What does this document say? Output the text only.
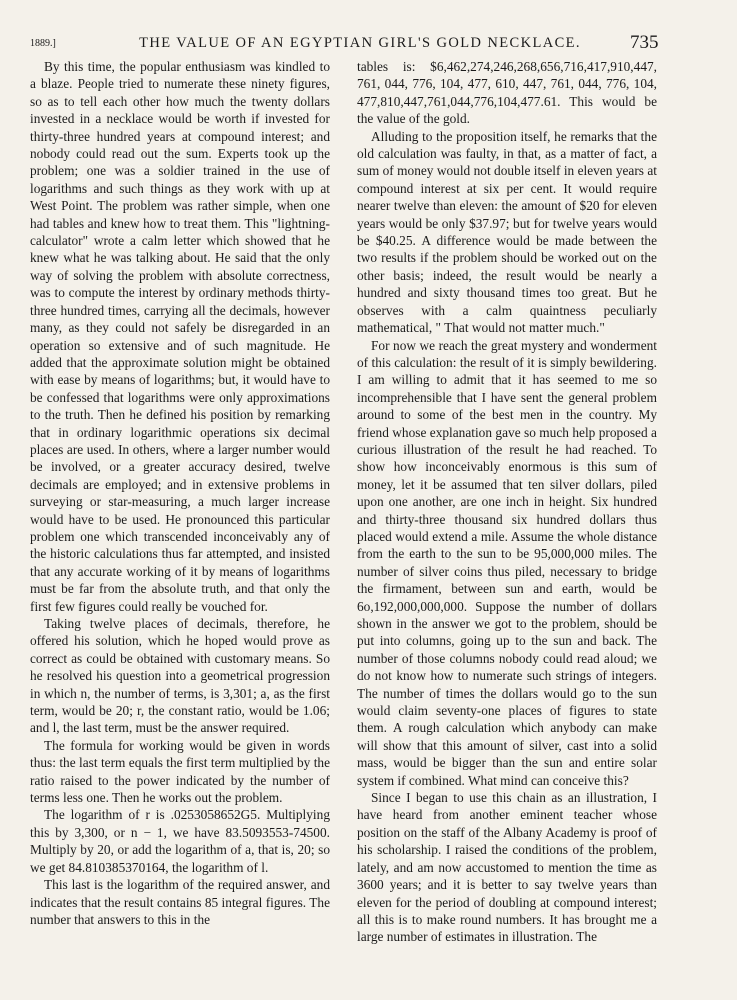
1889.]	THE VALUE OF AN EGYPTIAN GIRL'S GOLD NECKLACE.	735

By this time, the popular enthusiasm was kindled to a blaze. People tried to numerate these ninety figures, so as to tell each other how much the twenty dollars invested in a necklace would be worth if invested for thirty-three hundred years at compound interest; and nobody could read out the sum. Experts took up the problem; one was a soldier trained in the use of logarithms and such things as they work with up at West Point. The problem was rather simple, when one had tables and knew how to treat them. This "lightning-calculator" wrote a calm letter which showed that he knew what he was talking about. He said that the only way of solving the problem with absolute correctness, was to compute the interest by ordinary methods thirty-three hundred times, carrying all the decimals, however many, as they could not safely be disregarded in an operation so extensive and of such magnitude. He added that the approximate solution might be obtained with ease by means of logarithms; but, it would have to be confessed that logarithms were only approximations to the truth. Then he defined his position by remarking that in ordinary logarithmic operations six decimal places are used. In others, where a larger number would be involved, or a greater accuracy desired, twelve decimals are employed; and in extensive problems in surveying or star-measuring, a much larger increase would have to be used. He pronounced this particular problem one which transcended inconceivably any of the historic calculations thus far attempted, and insisted that any accurate working of it by means of logarithms must be far from the absolute truth, and that only the first few figures could really be vouched for.

Taking twelve places of decimals, therefore, he offered his solution, which he hoped would prove as correct as could be obtained with customary means. So he resolved his question into a geometrical progression in which n, the number of terms, is 3,301; a, as the first term, would be 20; r, the constant ratio, would be 1.06; and l, the last term, must be the answer required.

The formula for working would be given in words thus: the last term equals the first term multiplied by the ratio raised to the power indicated by the number of terms less one. Then he works out the problem.

The logarithm of r is .0253058652G5. Multiplying this by 3,300, or n − 1, we have 83.5093553-74500. Multiply by 20, or add the logarithm of a, that is, 20; so we get 84.810385370164, the logarithm of l.

This last is the logarithm of the required answer, and indicates that the result contains 85 integral figures. The number that answers to this in the

tables is: $6,462,274,246,268,656,716,417,910,447, 761, 044, 776, 104, 477, 610, 447, 761, 044, 776, 104, 477,810,447,761,044,776,104,477.61. This would be the value of the gold.

Alluding to the proposition itself, he remarks that the old calculation was faulty, in that, as a matter of fact, a sum of money would not double itself in eleven years at compound interest at six per cent. It would require nearer twelve than eleven: the amount of $20 for eleven years would be only $37.97; but for twelve years would be $40.25. A difference would be made between the two results if the problem should be worked out on the other basis; indeed, the result would be nearly a hundred and sixty thousand times too great. But he observes with a calm quaintness peculiarly mathematical, " That would not matter much."

For now we reach the great mystery and wonderment of this calculation: the result of it is simply bewildering. I am willing to admit that it has seemed to me so incomprehensible that I have sent the general problem around to some of the best men in the country. My friend whose explanation gave so much help proposed a curious illustration of the result he had reached. To show how inconceivably enormous is this sum of money, let it be assumed that ten silver dollars, piled upon one another, are one inch in height. Six hundred and thirty-three thousand six hundred dollars thus placed would extend a mile. Assume the whole distance from the earth to the sun to be 95,000,000 miles. The number of silver coins thus piled, necessary to bridge the firmament, between sun and earth, would be 6o,192,000,000,000. Suppose the number of dollars shown in the answer we got to the problem, should be put into columns, going up to the sun and back. The number of those columns nobody could read aloud; we do not know how to numerate such strings of integers. The number of times the dollars would go to the sun would claim seventy-one places of figures to state them. A rough calculation which anybody can make will show that this amount of silver, cast into a solid mass, would be bigger than the sun and entire solar system if combined. What mind can conceive this?

Since I began to use this chain as an illustration, I have heard from another eminent teacher whose position on the staff of the Albany Academy is proof of his scholarship. I raised the conditions of the problem, lately, and am now accustomed to mention the time as 3600 years; and it is better to say twelve years than eleven for the period of doubling at compound interest; all this is to make round numbers. It has brought me a large number of estimates in illustration. The
